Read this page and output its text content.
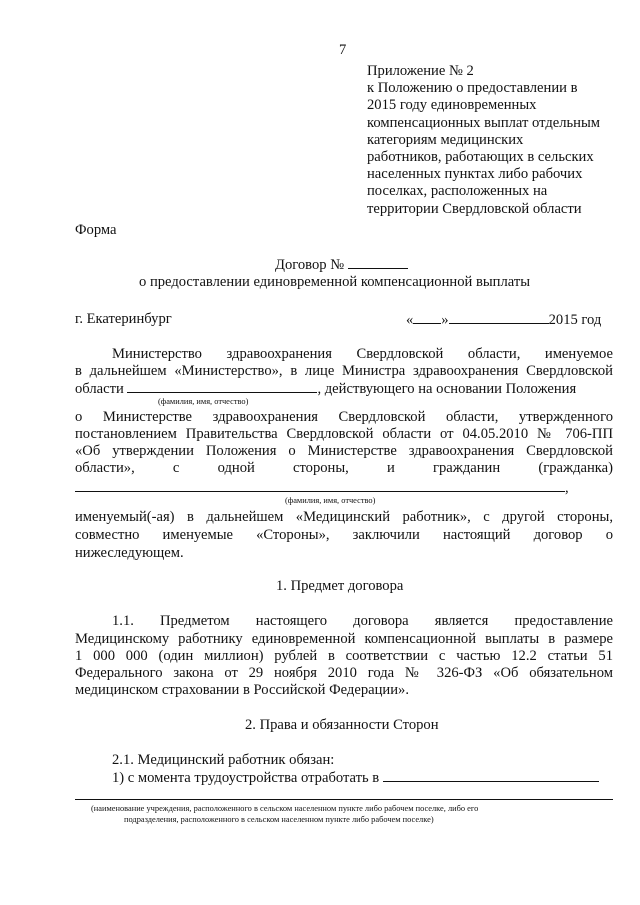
7
Приложение № 2
к Положению о предоставлении в
2015 году единовременных
компенсационных выплат отдельным
категориям медицинских
работников, работающих в сельских
населенных пунктах либо рабочих
поселках, расположенных на
территории Свердловской области
Форма
Договор №
о предоставлении единовременной компенсационной выплаты
г. Екатеринбург	« »	2015 год
Министерство здравоохранения Свердловской области, именуемое
в дальнейшем «Министерство», в лице Министра здравоохранения Свердловской
области	, действующего на основании Положения
(фамилия, имя, отчество)
о Министерстве здравоохранения Свердловской области, утвержденного
постановлением Правительства Свердловской области от 04.05.2010 № 706-ПП
«Об утверждении Положения о Министерстве здравоохранения Свердловской
области», с одной стороны, и гражданин (гражданка)
,
(фамилия, имя, отчество)
именуемый(-ая) в дальнейшем «Медицинский работник», с другой стороны,
совместно именуемые «Стороны», заключили настоящий договор о
нижеследующем.
1. Предмет договора
1.1. Предметом настоящего договора является предоставление
Медицинскому работнику единовременной компенсационной выплаты в размере
1 000 000 (один миллион) рублей в соответствии с частью 12.2 статьи 51
Федерального закона от 29 ноября 2010 года № 326-ФЗ «Об обязательном
медицинском страховании в Российской Федерации».
2. Права и обязанности Сторон
2.1. Медицинский работник обязан:
1) с момента трудоустройства отработать в
(наименование учреждения, расположенного в сельском населенном пункте либо рабочем поселке, либо его
подразделения, расположенного в сельском населенном пункте либо рабочем поселке)
